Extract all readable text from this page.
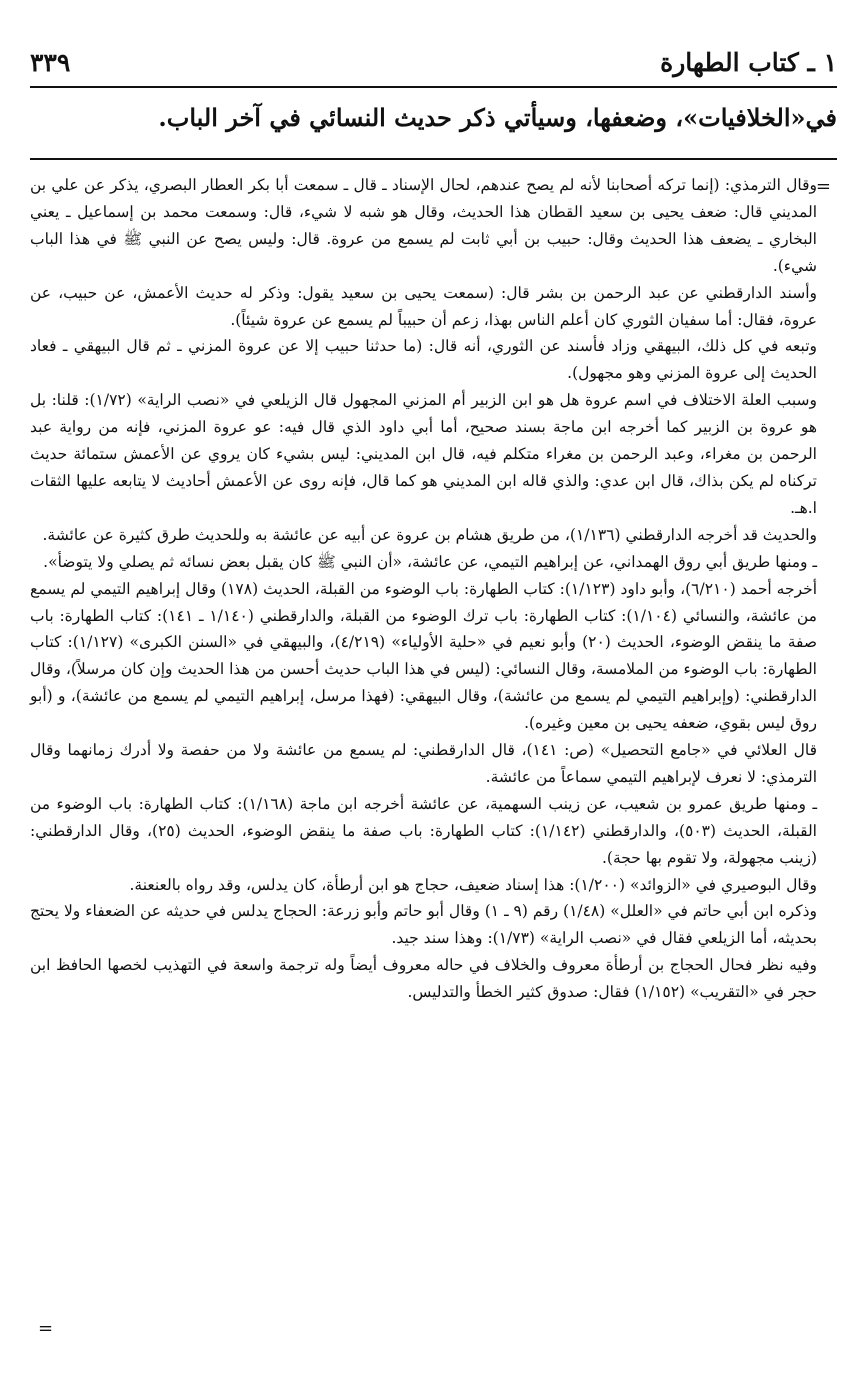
٣٣٩	١ ـ كتاب الطهارة
في«الخلافيات»، وضعفها، وسيأتي ذكر حديث النسائي في آخر الباب.
=

وقال الترمذي: (إنما تركه أصحابنا لأنه لم يصح عندهم، لحال الإسناد ـ قال ـ سمعت أبا بكر العطار البصري، يذكر عن علي بن المديني قال: ضعف يحيى بن سعيد القطان هذا الحديث، وقال هو شبه لا شيء، قال: وسمعت محمد بن إسماعيل ـ يعني البخاري ـ يضعف هذا الحديث وقال: حبيب بن أبي ثابت لم يسمع من عروة. قال: وليس يصح عن النبي ﷺ في هذا الباب شيء).

وأسند الدارقطني عن عبد الرحمن بن بشر قال: (سمعت يحيى بن سعيد يقول: وذكر له حديث الأعمش، عن حبيب، عن عروة، فقال: أما سفيان الثوري كان أعلم الناس بهذا، زعم أن حبيباً لم يسمع عن عروة شيئاً).

وتبعه في كل ذلك، البيهقي وزاد فأسند عن الثوري، أنه قال: (ما حدثنا حبيب إلا عن عروة المزني ـ ثم قال البيهقي ـ فعاد الحديث إلى عروة المزني وهو مجهول).

وسبب العلة الاختلاف في اسم عروة هل هو ابن الزبير أم المزني المجهول قال الزيلعي في «نصب الراية» (١/٧٢): قلنا: بل هو عروة بن الزبير كما أخرجه ابن ماجة بسند صحيح، أما أبي داود الذي قال فيه: عو عروة المزني، فإنه من رواية عبد الرحمن بن مغراء، وعبد الرحمن بن مغراء متكلم فيه، قال ابن المديني: ليس بشيء كان يروي عن الأعمش ستمائة حديث تركناه لم يكن بذاك، قال ابن عدي: والذي قاله ابن المديني هو كما قال، فإنه روى عن الأعمش أحاديث لا يتابعه عليها الثقات ا.هـ.

والحديث قد أخرجه الدارقطني (١/١٣٦)، من طريق هشام بن عروة عن أبيه عن عائشة به وللحديث طرق كثيرة عن عائشة.

ـ ومنها طريق أبي روق الهمداني، عن إبراهيم التيمي، عن عائشة، «أن النبي ﷺ كان يقبل بعض نسائه ثم يصلي ولا يتوضأ».

أخرجه أحمد (٦/٢١٠)، وأبو داود (١/١٢٣): كتاب الطهارة: باب الوضوء من القبلة، الحديث (١٧٨) وقال إبراهيم التيمي لم يسمع من عائشة، والنسائي (١/١٠٤): كتاب الطهارة: باب ترك الوضوء من القبلة، والدارقطني (١/١٤٠ ـ ١٤١): كتاب الطهارة: باب صفة ما ينقض الوضوء، الحديث (٢٠) وأبو نعيم في «حلية الأولياء» (٤/٢١٩)، والبيهقي في «السنن الكبرى» (١/١٢٧): كتاب الطهارة: باب الوضوء من الملامسة، وقال النسائي: (ليس في هذا الباب حديث أحسن من هذا الحديث وإن كان مرسلاً)، وقال الدارقطني: (وإبراهيم التيمي لم يسمع من عائشة)، وقال البيهقي: (فهذا مرسل، إبراهيم التيمي لم يسمع من عائشة)، و (أبو روق ليس بقوي، ضعفه يحيى بن معين وغيره).

قال العلائي في «جامع التحصيل» (ص: ١٤١)، قال الدارقطني: لم يسمع من عائشة ولا من حفصة ولا أدرك زمانهما وقال الترمذي: لا نعرف لإبراهيم التيمي سماعاً من عائشة.

ـ ومنها طريق عمرو بن شعيب، عن زينب السهمية، عن عائشة أخرجه ابن ماجة (١/١٦٨): كتاب الطهارة: باب الوضوء من القبلة، الحديث (٥٠٣)، والدارقطني (١/١٤٢): كتاب الطهارة: باب صفة ما ينقض الوضوء، الحديث (٢٥)، وقال الدارقطني: (زينب مجهولة، ولا تقوم بها حجة).

وقال البوصيري في «الزوائد» (١/٢٠٠): هذا إسناد ضعيف، حجاج هو ابن أرطأة، كان يدلس، وقد رواه بالعنعنة.

وذكره ابن أبي حاتم في «العلل» (١/٤٨) رقم (٩ ـ ١) وقال أبو حاتم وأبو زرعة: الحجاج يدلس في حديثه عن الضعفاء ولا يحتج بحديثه، أما الزيلعي فقال في «نصب الراية» (١/٧٣): وهذا سند جيد.

وفيه نظر فحال الحجاج بن أرطأة معروف والخلاف في حاله معروف أيضاً وله ترجمة واسعة في التهذيب لخصها الحافظ ابن حجر في «التقريب» (١/١٥٢) فقال: صدوق كثير الخطأ والتدليس.

=
